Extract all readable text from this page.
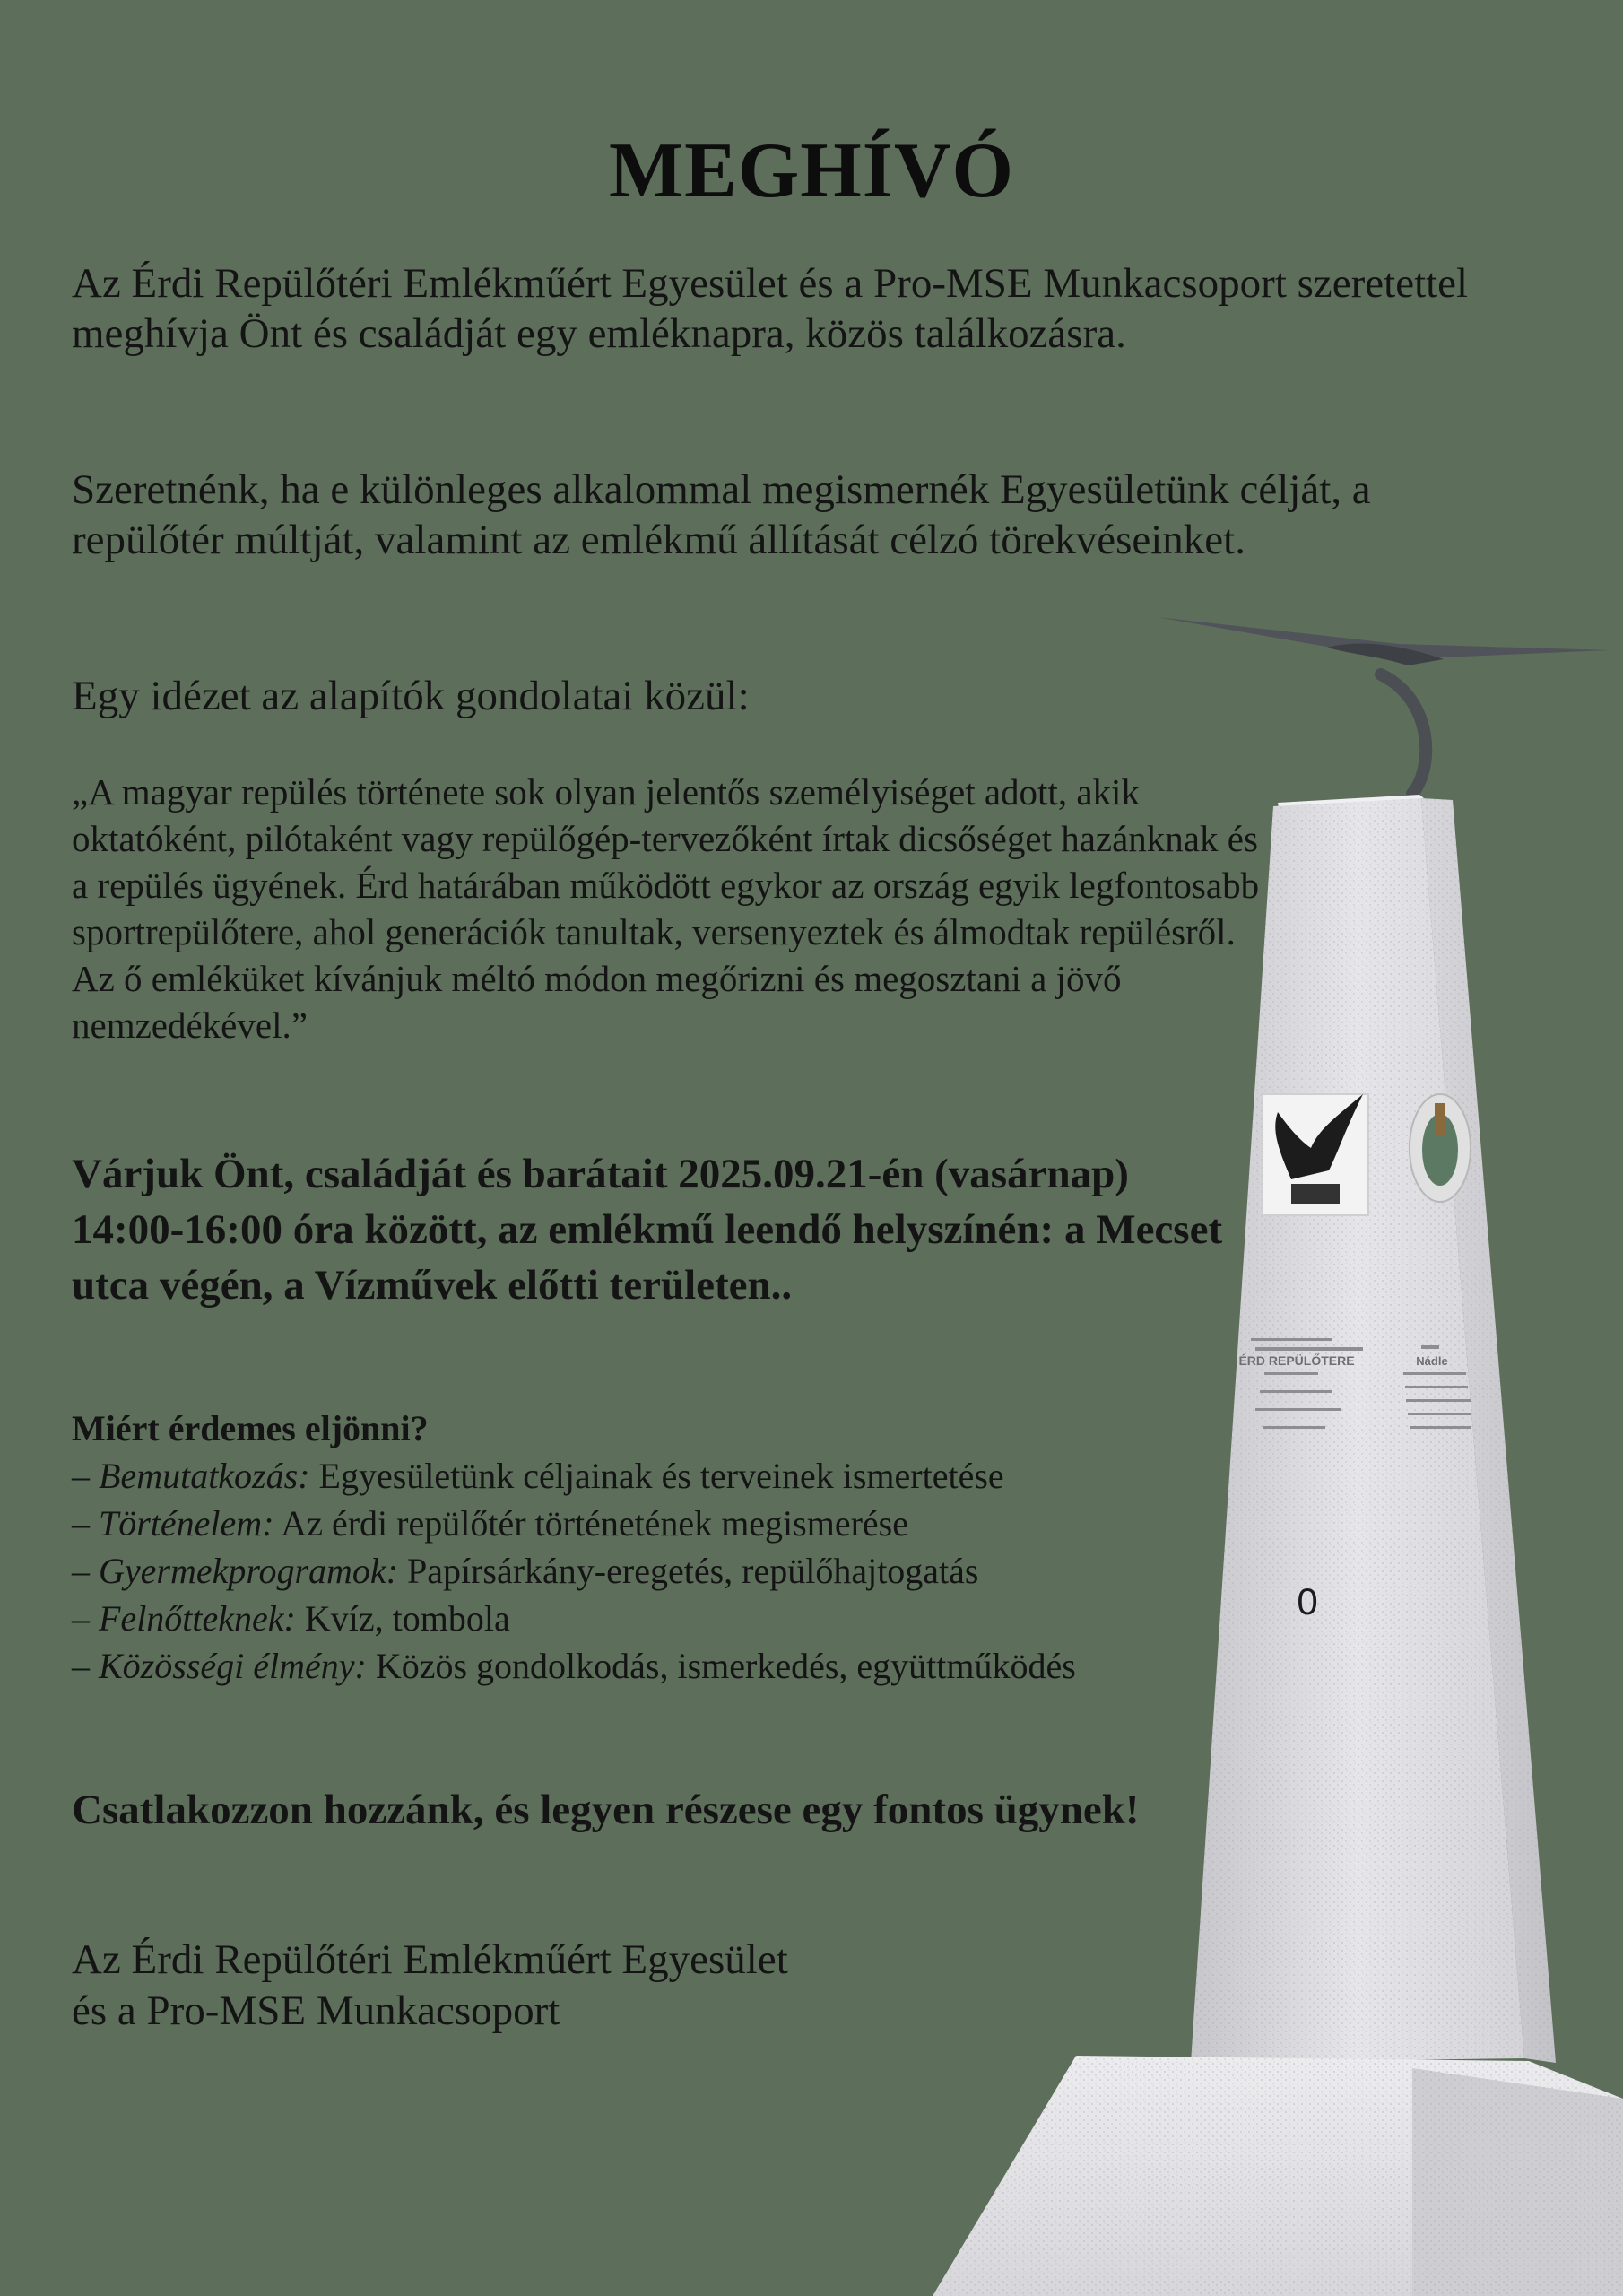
MEGHÍVÓ
Az Érdi Repülőtéri Emlékműért Egyesület és a Pro-MSE Munkacsoport szeretettel meghívja Önt és családját egy emléknapra, közös találkozásra.
Szeretnénk, ha e különleges alkalommal megismernék Egyesületünk célját, a repülőtér múltját, valamint az emlékmű állítását célzó törekvéseinket.
Egy idézet az alapítók gondolatai közül:
„A magyar repülés története sok olyan jelentős személyiséget adott, akik oktatóként, pilótaként vagy repülőgép-tervezőként írtak dicsőséget hazánknak és a repülés ügyének. Érd határában működött egykor az ország egyik legfontosabb sportrepülőtere, ahol generációk tanultak, versenyeztek és álmodtak repülésről. Az ő emléküket kívánjuk méltó módon megőrizni és megosztani a jövő nemzedékével.”
Várjuk Önt, családját és barátait 2025.09.21-én (vasárnap) 14:00-16:00 óra között, az emlékmű leendő helyszínén: a Mecset utca végén, a Vízművek előtti területen..
Miért érdemes eljönni?
– Bemutatkozás: Egyesületünk céljainak és terveinek ismertetése
– Történelem: Az érdi repülőtér történetének megismerése
– Gyermekprogramok: Papírsárkány-eregetés, repülőhajtogatás
– Felnőtteknek: Kvíz, tombola
– Közösségi élmény: Közös gondolkodás, ismerkedés, együttműködés
Csatlakozzon hozzánk, és legyen részese egy fontos ügynek!
Az Érdi Repülőtéri Emlékműért Egyesület
és a Pro-MSE Munkacsoport
ÉRD REPÜLŐTERE	Nádle
0
